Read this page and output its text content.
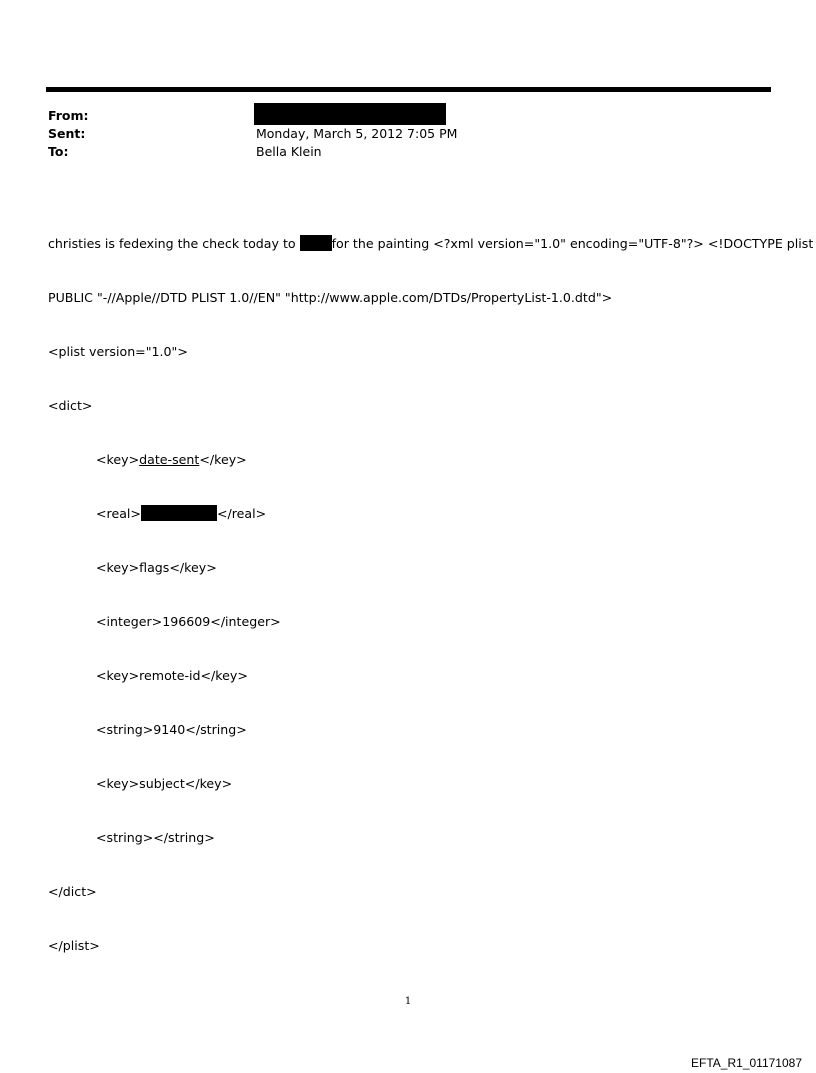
From:
Sent:	Monday, March 5, 2012 7:05 PM
To:	Bella Klein

christies is fedexing the check today to	for the painting <?xml version="1.0" encoding="UTF-8"?> <!DOCTYPE plist

PUBLIC "-//Apple//DTD PLIST 1.0//EN" "http://www.apple.com/DTDs/PropertyList-1.0.dtd">

<plist version="1.0">

<dict>

<key>date-sent</key>

<real>	</real>

<key>flags</key>

<integer>196609</integer>

<key>remote-id</key>

<string>9140</string>

<key>subject</key>

<string></string>

</dict>

</plist>

1
EFTA_R1_01171087
